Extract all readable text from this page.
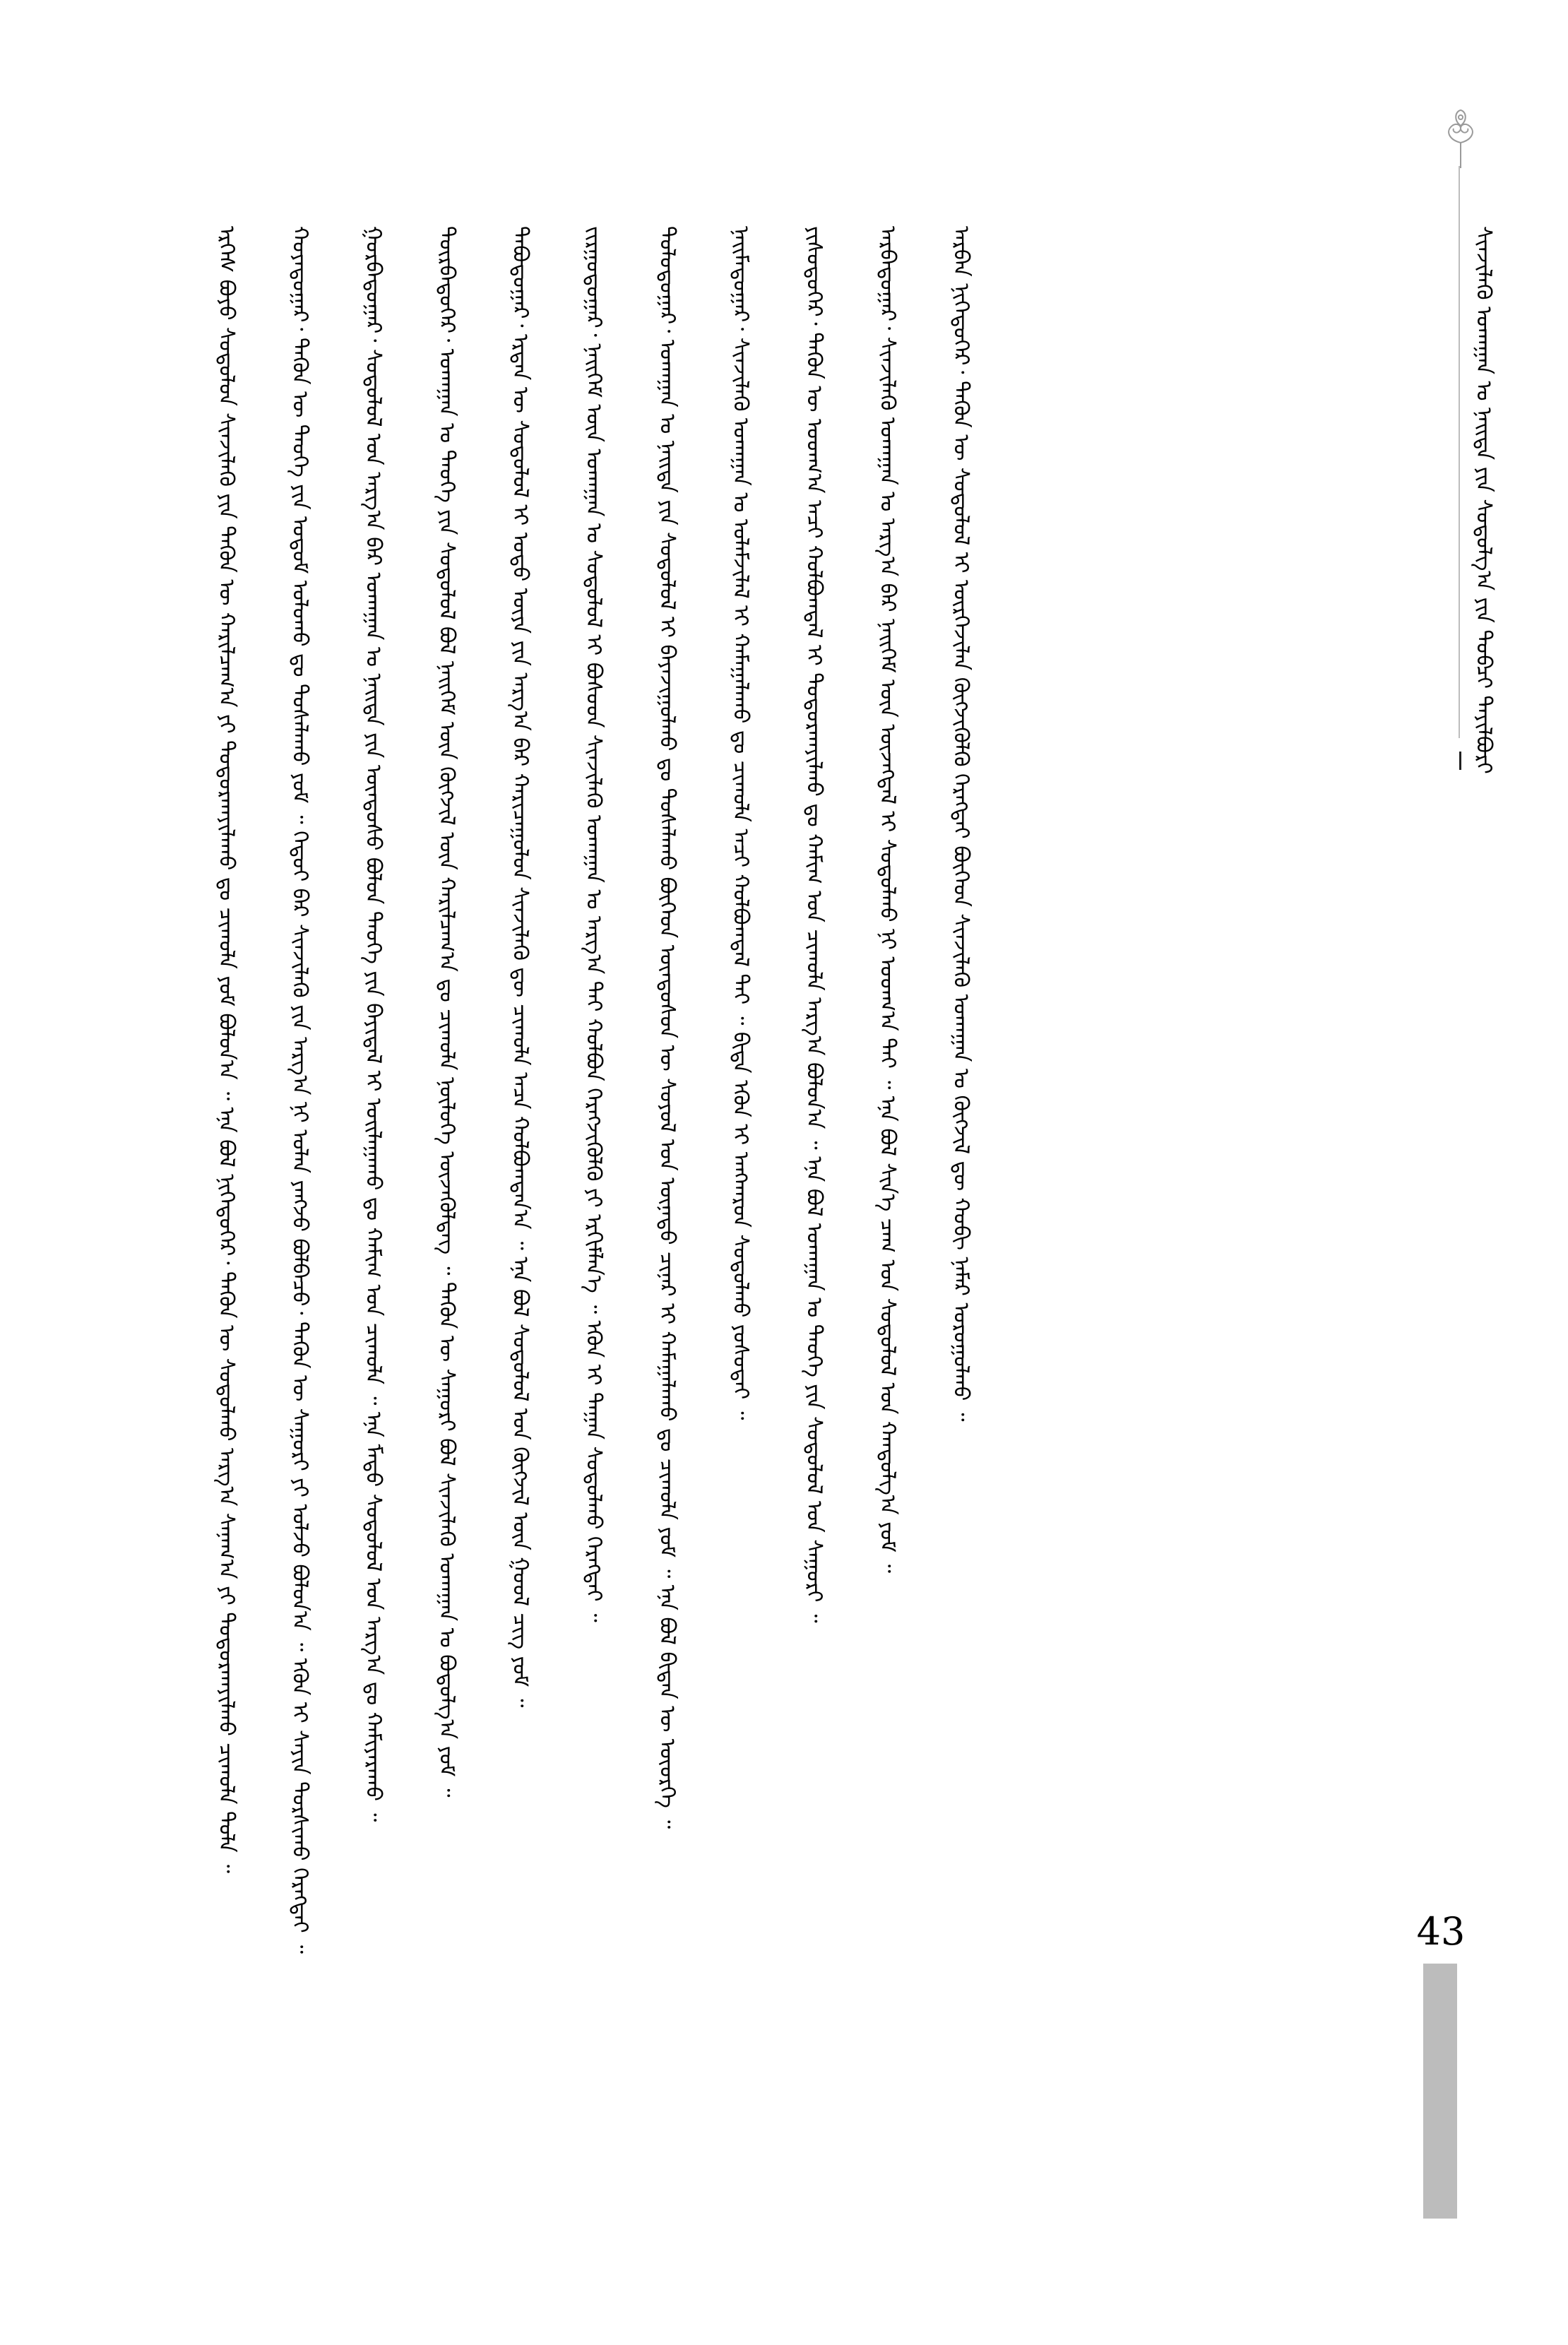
ᠰᠢᠨᠵᠢᠯᠡᠬᠦ ᠤᠬᠠᠭᠠᠨ ᠤ ᠨᠡᠢᠲᠡ ᠶᠢᠨ ᠰᠣᠳᠤᠯᠭ᠎ᠠ ᠶᠢᠨ ᠲᠣᠪᠴᠢ ᠲᠠᠶᠢᠯᠪᠤᠷᠢ
ᠡᠷᠬᠡᠰ ᠪᠤᠶᠤ ᠰᠤᠳᠤᠯᠤᠨ ᠰᠢᠨᠵᠢᠯᠡᠬᠦ ᠶᠢᠨ ᠲᠡᠭᠦᠨ ᠦ ᠬᠠᠷᠢᠯᠴᠠᠭ᠎ᠠ ᠶᠢ ᠲᠣᠳᠣᠷᠬᠠᠶᠢᠯᠠᠬᠤ ᠳᠤ ᠴᠢᠬᠤᠯᠠ ᠶᠤᠮ ᠪᠣᠯᠤᠨ᠎ᠠ ᠃ ᠡᠨᠡ ᠪᠣᠯ ᠨᠢᠭᠡᠳᠦᠭᠡᠷ᠂ ᠲᠡᠭᠦᠨ ᠦ ᠰᠤᠳᠤᠯᠬᠤ ᠠᠷᠭ᠎ᠠ ᠰᠠᠨᠠᠭ᠎ᠠ ᠶᠢ ᠲᠣᠳᠣᠷᠬᠠᠶᠢᠯᠬᠤ ᠴᠢᠬᠤᠯᠠ ᠳᠤᠯᠠ ᠃	ᠬᠣᠶᠠᠳᠤᠭᠠᠷ᠂ ᠲᠡᠭᠦᠨ ᠦ ᠲᠡᠦᠬᠡ ᠶᠢᠨ ᠤᠳᠤᠮ ᠤᠯᠤᠬᠤ ᠳᠤ ᠲᠤᠰᠠᠯᠠᠬᠤ ᠶᠤᠮ ᠃ ᠬᠡᠳᠦᠢ ᠪᠡᠷ ᠰᠢᠨᠵᠢᠯᠡᠬᠦ ᠶᠢᠨ ᠠᠷᠭ᠎ᠠ ᠨᠢ ᠣᠯᠠᠨ ᠶᠠᠩᠵᠤ ᠪᠣᠯᠪᠠᠴᠤ᠂ ᠲᠡᠭᠦᠨ ᠦ ᠰᠠᠭᠤᠷᠢ ᠶᠢ ᠣᠯᠵᠤ ᠪᠣᠯᠤᠨ᠎ᠠ ᠃ ᠡᠭᠦᠨ ᠢ ᠰᠠᠶᠢᠨ ᠲᠤᠷᠰᠢᠬᠤ ᠬᠡᠷᠡᠭᠲᠡᠢ ᠃	ᠭᠤᠷᠪᠠᠳᠤᠭᠠᠷ᠂ ᠰᠤᠳᠤᠯᠤᠯ ᠤᠨ ᠠᠷᠭ᠎ᠠ ᠪᠠᠷ ᠤᠬᠠᠭᠠᠨ ᠤ ᠨᠡᠢᠲᠡ ᠶᠢᠨ ᠦᠨᠳᠦᠰᠦ ᠪᠤᠯᠤᠨ ᠲᠡᠦᠬᠡ ᠶᠢᠨ ᠪᠠᠶᠢᠳᠠᠯ ᠢ ᠣᠢᠯᠠᠭᠠᠬᠤ ᠳᠤ ᠬᠠᠮᠢᠭ ᠤᠨ ᠴᠢᠬᠤᠯᠠ ᠃ ᠡᠨᠡ ᠮᠡᠲᠦ ᠰᠤᠳᠤᠯᠤᠯ ᠤᠨ ᠠᠷᠭ᠎ᠠ ᠳᠤ ᠬᠠᠮᠢᠶᠠᠷᠠᠬᠤ ᠃	ᠳᠥᠷᠪᠡᠳᠦᠭᠡᠷ᠂ ᠤᠬᠠᠭᠠᠨ ᠤ ᠲᠡᠦᠬᠡ ᠶᠢᠨ ᠰᠤᠳᠤᠯᠤᠯ ᠪᠣᠯ ᠨᠡᠢᠭᠡᠮ ᠦᠨ ᠬᠥᠭᠵᠢᠯ ᠦᠨ ᠬᠠᠷᠢᠯᠴᠠᠭ᠎ᠠ ᠳᠤ ᠴᠢᠬᠤᠯᠠ ᠨᠥᠯᠦᠭᠡ ᠦᠵᠡᠭᠦᠯᠳᠡᠭ ᠃ ᠲᠡᠭᠦᠨ ᠦ ᠰᠠᠭᠤᠷᠢ ᠪᠣᠯ ᠰᠢᠨᠵᠢᠯᠡᠬᠦ ᠤᠬᠠᠭᠠᠨ ᠤ ᠪᠣᠳᠤᠯᠭ᠎ᠠ ᠶᠤᠮ ᠃	ᠲᠠᠪᠤᠳᠤᠭᠠᠷ᠂ ᠡᠷᠲᠡᠨ ᠦ ᠰᠤᠳᠤᠯᠤᠯ ᠢ ᠣᠳᠣ ᠦᠶᠡ ᠶᠢᠨ ᠠᠷᠭ᠎ᠠ ᠪᠠᠷ ᠬᠠᠷᠢᠴᠠᠭᠤᠯᠤᠨ ᠰᠢᠨᠵᠢᠯᠡᠬᠦ ᠳᠦ ᠴᠢᠬᠤᠯᠠ ᠠᠴᠠ ᠬᠣᠯᠪᠣᠭᠳᠠᠨ᠎ᠠ ᠃ ᠡᠨᠡ ᠪᠣᠯ ᠰᠤᠳᠤᠯᠤᠯ ᠤᠨ ᠬᠥᠭᠵᠢᠯ ᠦᠨ ᠭᠣᠣᠯ ᠴᠢᠭ ᠶᠤᠮ ᠃	ᠵᠢᠷᠭᠤᠳᠤᠭᠠᠷ᠂ ᠨᠡᠢᠭᠡᠮ ᠦᠨ ᠤᠬᠠᠭᠠᠨ ᠤ ᠰᠤᠳᠤᠯᠤᠯ ᠢ ᠪᠤᠰᠤᠳ ᠰᠢᠨᠵᠢᠯᠡᠬᠦ ᠤᠬᠠᠭᠠᠨ ᠤ ᠠᠷᠭ᠎ᠠ ᠲᠠᠶ ᠬᠣᠯᠪᠣᠨ ᠬᠡᠷᠡᠭᠵᠢᠭᠦᠯᠬᠦ ᠶᠢ ᠡᠷᠬᠢᠮᠯᠡᠨ᠎ᠡ ᠃ ᠡᠭᠦᠨ ᠢ ᠳᠠᠭᠠᠨ ᠰᠤᠳᠤᠯᠬᠤ ᠬᠡᠷᠡᠭᠲᠡᠢ ᠃	ᠳᠣᠯᠣᠳᠤᠭᠠᠷ᠂ ᠤᠬᠠᠭᠠᠨ ᠤ ᠨᠡᠢᠲᠡ ᠶᠢᠨ ᠰᠤᠳᠤᠯᠤᠯ ᠢ ᠪᠠᠶᠠᠵᠢᠭᠤᠯᠬᠤ ᠳᠤ ᠲᠤᠰᠠᠯᠠᠬᠤ ᠪᠥᠭᠡᠳ ᠦᠨᠳᠦᠰᠦᠨ ᠦ ᠰᠣᠶᠣᠯ ᠤᠨ ᠦᠨᠡᠲᠦ ᠴᠢᠨᠠᠷ ᠢ ᠬᠠᠮᠠᠭᠠᠯᠠᠬᠤ ᠳᠤ ᠴᠢᠬᠤᠯᠠ ᠶᠤᠮ ᠃ ᠡᠨᠡ ᠪᠣᠯ ᠪᠢᠳᠡᠨ ᠦ ᠦᠦᠷᠭᠡ ᠃	ᠨᠠᠢᠮᠠᠳᠤᠭᠠᠷ᠂ ᠰᠢᠨᠵᠢᠯᠡᠬᠦ ᠤᠬᠠᠭᠠᠨ ᠤ ᠤᠯᠠᠮᠵᠢᠯᠠᠯ ᠢ ᠬᠠᠮᠠᠭᠠᠯᠠᠬᠤ ᠳᠤ ᠴᠢᠬᠤᠯᠠ ᠠᠴᠢ ᠬᠣᠯᠪᠣᠭᠳᠠᠯ ᠲᠠᠢ ᠃ ᠪᠢᠳᠡ ᠡᠭᠦᠨ ᠢ ᠠᠩᠬᠠᠷᠤᠨ ᠰᠤᠳᠤᠯᠬᠤ ᠶᠤᠰᠤᠲᠠᠢ ᠃	ᠶᠢᠰᠦᠳᠦᠭᠡᠷ᠂ ᠲᠡᠭᠦᠨ ᠦ ᠤᠳᠬ᠎ᠠ ᠠᠴᠢ ᠬᠣᠯᠪᠣᠭᠳᠠᠯ ᠢ ᠲᠣᠳᠣᠷᠬᠠᠶᠢᠯᠬᠤ ᠳᠤ ᠬᠠᠮᠢᠭ ᠤᠨ ᠴᠢᠬᠤᠯᠠ ᠠᠷᠭ᠎ᠠ ᠪᠣᠯᠤᠨ᠎ᠠ ᠃ ᠡᠨᠡ ᠪᠣᠯ ᠤᠬᠠᠭᠠᠨ ᠤ ᠲᠡᠦᠬᠡ ᠶᠢᠨ ᠰᠤᠳᠤᠯᠤᠯ ᠤᠨ ᠰᠠᠭᠤᠷᠢ ᠃	ᠠᠷᠪᠠᠳᠤᠭᠠᠷ᠂ ᠰᠢᠨᠵᠢᠯᠡᠬᠦ ᠤᠬᠠᠭᠠᠨ ᠤ ᠠᠷᠭ᠎ᠠ ᠪᠠᠷ ᠨᠡᠢᠭᠡᠮ ᠦᠨ ᠦᠵᠡᠭᠳᠡᠯ ᠢ ᠰᠤᠳᠤᠯᠬᠤ ᠨᠢ ᠤᠳᠬ᠎ᠠ ᠲᠠᠢ ᠃ ᠡᠨᠡ ᠪᠣᠯ ᠰᠢᠨ᠎ᠡ ᠴᠠᠭ ᠤᠨ ᠰᠤᠳᠤᠯᠤᠯ ᠤᠨ ᠬᠠᠨᠳᠤᠯᠭ᠎ᠠ ᠶᠤᠮ ᠃	ᠠᠷᠪᠠᠨ ᠨᠢᠭᠡᠳᠦᠭᠡᠷ᠂ ᠲᠡᠭᠦᠨ ᠦ ᠰᠤᠳᠤᠯᠤᠯ ᠢ ᠦᠷᠭᠡᠵᠢᠯᠡᠨ ᠬᠥᠭᠵᠢᠭᠦᠯᠬᠦ ᠬᠡᠷᠡᠭᠲᠡᠢ ᠪᠥᠭᠡᠳ ᠰᠢᠨᠵᠢᠯᠡᠬᠦ ᠤᠬᠠᠭᠠᠨ ᠤ ᠬᠥᠭᠵᠢᠯ ᠳᠦ ᠬᠤᠪᠢ ᠨᠡᠮᠡᠷ ᠣᠷᠤᠭᠤᠯᠬᠤ ᠃
43
